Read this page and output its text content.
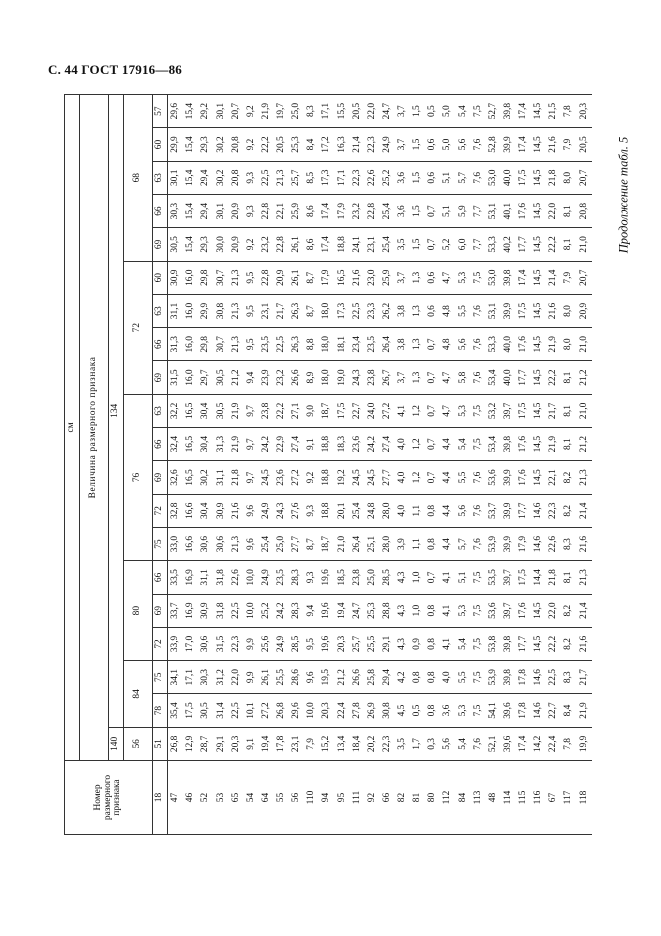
С. 44 ГОСТ 17916—86
Продолжение табл. 5
Номер размерного признака	см																			
	Величина размерного признака																			
	140	134																		
	56	84		80			76					72				68				
18	51	78	75	72	69	66	75	72	69	66	63	69	66	63	60	69	66	63	60	57
47	26,8	35,4	34,1	33,9	33,7	33,5	33,0	32,8	32,6	32,4	32,2	31,5	31,3	31,1	30,9	30,5	30,3	30,1	29,9	29,6
46	12,9	17,5	17,1	17,0	16,9	16,9	16,6	16,6	16,5	16,5	16,5	16,0	16,0	16,0	16,0	15,4	15,4	15,4	15,4	15,4
52	28,7	30,5	30,3	30,6	30,9	31,1	30,6	30,4	30,2	30,4	30,4	29,7	29,8	29,9	29,8	29,3	29,4	29,4	29,3	29,2
53	29,1	31,4	31,2	31,5	31,8	31,8	30,6	30,9	31,1	31,3	30,5	30,5	30,7	30,8	30,7	30,0	30,1	30,2	30,2	30,1
65	20,3	22,5	22,0	22,3	22,5	22,6	21,3	21,6	21,8	21,9	21,9	21,2	21,3	21,3	21,3	20,9	20,9	20,8	20,8	20,7
54	9,1	10,1	9,9	9,9	10,0	10,0	9,6	9,6	9,7	9,7	9,7	9,4	9,5	9,5	9,5	9,2	9,3	9,3	9,2	9,2
64	19,4	27,2	26,1	25,6	25,2	24,9	25,4	24,9	24,5	24,2	23,8	23,9	23,5	23,1	22,8	23,2	22,8	22,5	22,2	21,9
55	17,8	26,8	25,5	24,9	24,2	23,5	25,0	24,3	23,6	22,9	22,2	23,2	22,5	21,7	20,9	22,8	22,1	21,3	20,5	19,7
56	23,1	29,6	28,6	28,5	28,3	28,3	27,7	27,6	27,2	27,4	27,1	26,6	26,3	26,3	26,1	26,1	25,9	25,7	25,3	25,0
110	7,9	10,0	9,6	9,5	9,4	9,3	8,7	9,3	9,2	9,1	9,0	8,9	8,8	8,7	8,7	8,6	8,6	8,5	8,4	8,3
94	15,2	20,3	19,5	19,6	19,6	19,6	18,7	18,8	18,8	18,8	18,7	18,0	18,0	18,0	17,9	17,4	17,4	17,3	17,2	17,1
95	13,4	22,4	21,2	20,3	19,4	18,5	21,0	20,1	19,2	18,3	17,5	19,0	18,1	17,3	16,5	18,8	17,9	17,1	16,3	15,5
111	18,4	27,8	26,6	25,7	24,7	23,8	26,4	25,4	24,5	23,6	22,7	24,3	23,4	22,5	21,6	24,1	23,2	22,3	21,4	20,5
92	20,2	26,9	25,8	25,5	25,3	25,0	25,1	24,8	24,5	24,2	24,0	23,8	23,5	23,3	23,0	23,1	22,8	22,6	22,3	22,0
66	22,3	30,8	29,4	29,1	28,8	28,5	28,0	28,0	27,7	27,4	27,2	26,7	26,4	26,2	25,9	25,4	25,4	25,2	24,9	24,7
82	3,5	4,5	4,2	4,3	4,3	4,3	3,9	4,0	4,0	4,0	4,1	3,7	3,8	3,8	3,7	3,5	3,6	3,6	3,7	3,7
81	1,7	0,5	0,8	0,9	1,0	1,0	1,1	1,1	1,2	1,2	1,2	1,3	1,3	1,3	1,3	1,5	1,5	1,5	1,5	1,5
80	0,3	0,8	0,8	0,8	0,8	0,7	0,8	0,8	0,7	0,7	0,7	0,7	0,7	0,6	0,6	0,7	0,7	0,6	0,6	0,5
112	5,6	3,6	4,0	4,1	4,1	4,1	4,4	4,4	4,4	4,4	4,7	4,7	4,8	4,8	4,7	5,2	5,1	5,1	5,0	5,0
84	5,4	5,3	5,5	5,4	5,3	5,1	5,7	5,6	5,5	5,4	5,3	5,8	5,6	5,5	5,3	6,0	5,9	5,7	5,6	5,4
113	7,6	7,5	7,5	7,5	7,5	7,5	7,6	7,6	7,6	7,5	7,5	7,6	7,6	7,6	7,5	7,7	7,7	7,6	7,6	7,5
48	52,1	54,1	53,9	53,8	53,6	53,5	53,9	53,7	53,6	53,4	53,2	53,4	53,3	53,1	53,0	53,3	53,1	53,0	52,8	52,7
114	39,6	39,6	39,8	39,8	39,7	39,7	39,9	39,9	39,9	39,8	39,7	40,0	40,0	39,9	39,8	40,2	40,1	40,0	39,9	39,8
115	17,4	17,8	17,8	17,7	17,6	17,5	17,9	17,7	17,6	17,6	17,5	17,7	17,6	17,5	17,4	17,7	17,6	17,5	17,4	17,4
116	14,2	14,6	14,6	14,5	14,5	14,4	14,6	14,6	14,5	14,5	14,5	14,5	14,5	14,5	14,5	14,5	14,5	14,5	14,5	14,5
67	22,4	22,7	22,5	22,2	22,0	21,8	22,6	22,3	22,1	21,9	21,7	22,2	21,9	21,6	21,4	22,2	22,0	21,8	21,6	21,5
117	7,8	8,4	8,3	8,2	8,2	8,1	8,3	8,2	8,2	8,1	8,1	8,1	8,0	8,0	7,9	8,1	8,1	8,0	7,9	7,8
118	19,9	21,9	21,7	21,6	21,4	21,3	21,6	21,4	21,3	21,2	21,0	21,2	21,0	20,9	20,7	21,0	20,8	20,7	20,5	20,3
